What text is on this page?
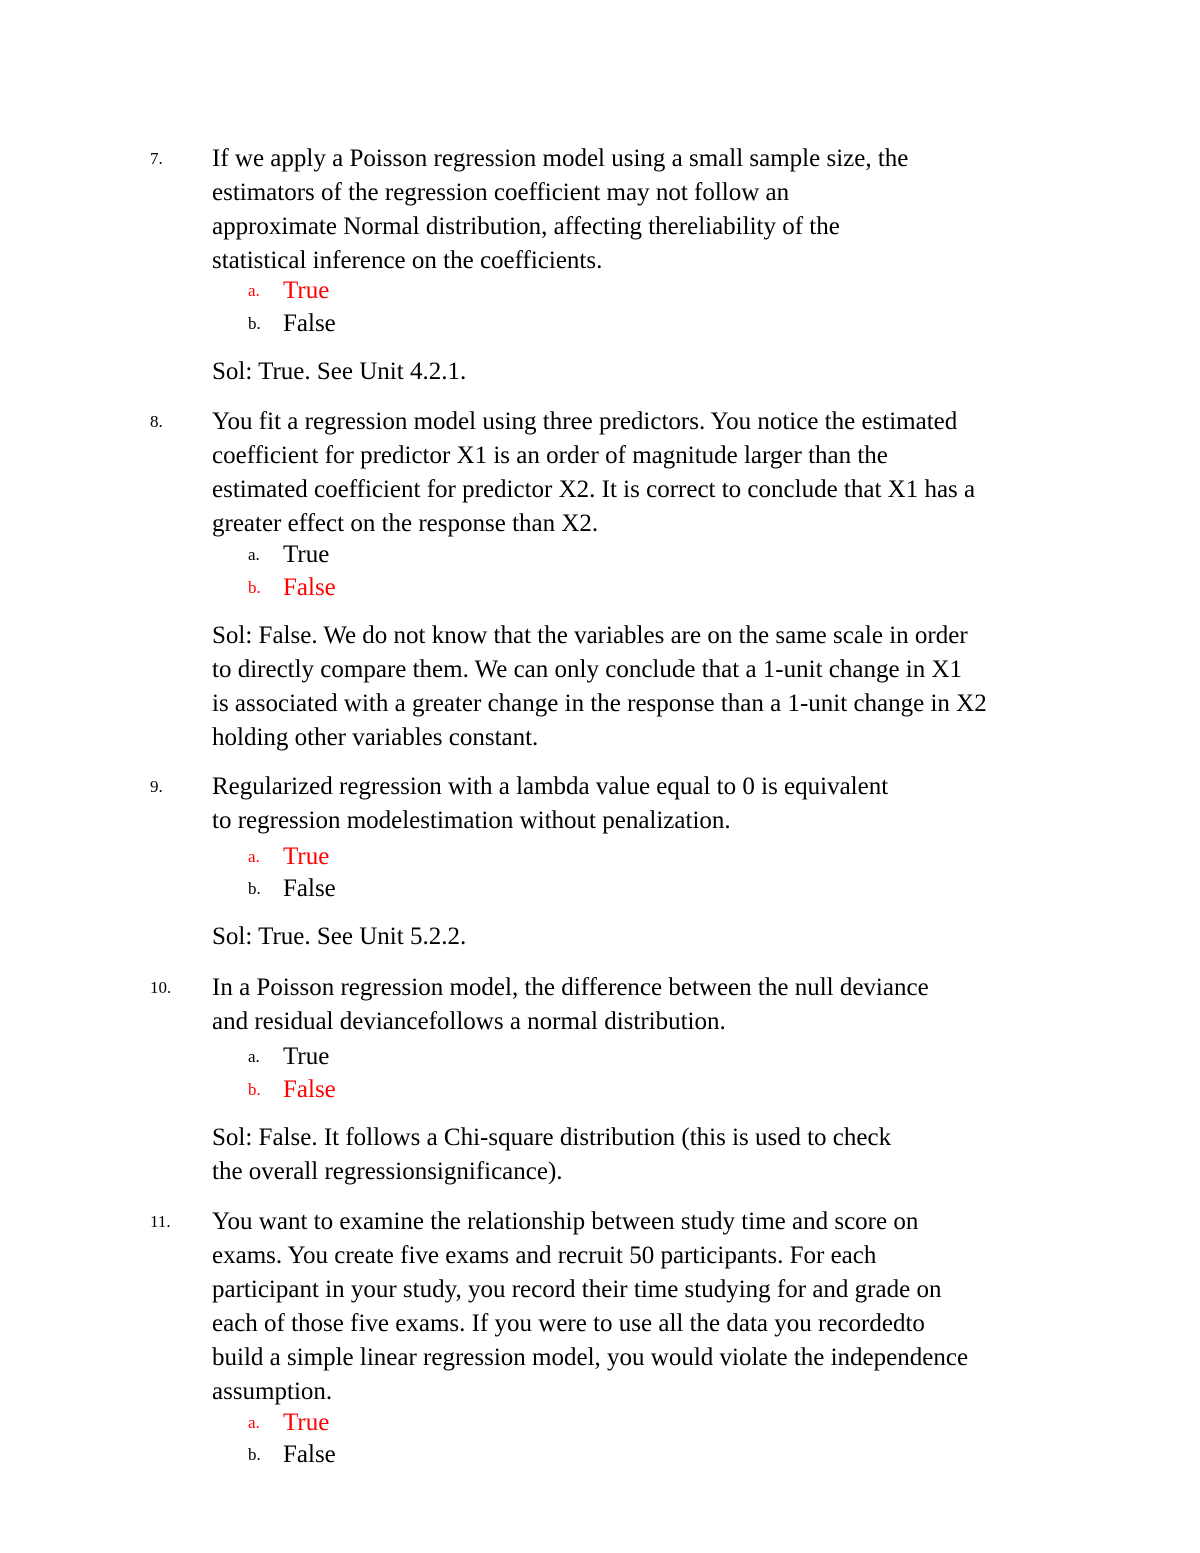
7.	If we apply a Poisson regression model using a small sample size, the
estimators of the regression coefficient may not follow an
approximate Normal distribution, affecting thereliability of the
statistical inference on the coefficients.
a. True
b. False
Sol: True. See Unit 4.2.1.
8.	You fit a regression model using three predictors. You notice the estimated
coefficient for predictor X1 is an order of magnitude larger than the
estimated coefficient for predictor X2. It is correct to conclude that X1 has a
greater effect on the response than X2.
a. True
b. False
Sol: False. We do not know that the variables are on the same scale in order
to directly compare them. We can only conclude that a 1-unit change in X1
is associated with a greater change in the response than a 1-unit change in X2
holding other variables constant.
9.	Regularized regression with a lambda value equal to 0 is equivalent
to regression modelestimation without penalization.
a. True
b. False
Sol: True. See Unit 5.2.2.
10.	In a Poisson regression model, the difference between the null deviance
and residual deviancefollows a normal distribution.
a. True
b. False
Sol: False. It follows a Chi-square distribution (this is used to check
the overall regressionsignificance).
11.	You want to examine the relationship between study time and score on
exams. You create five exams and recruit 50 participants. For each
participant in your study, you record their time studying for and grade on
each of those five exams. If you were to use all the data you recordedto
build a simple linear regression model, you would violate the independence
assumption.
a. True
b. False
